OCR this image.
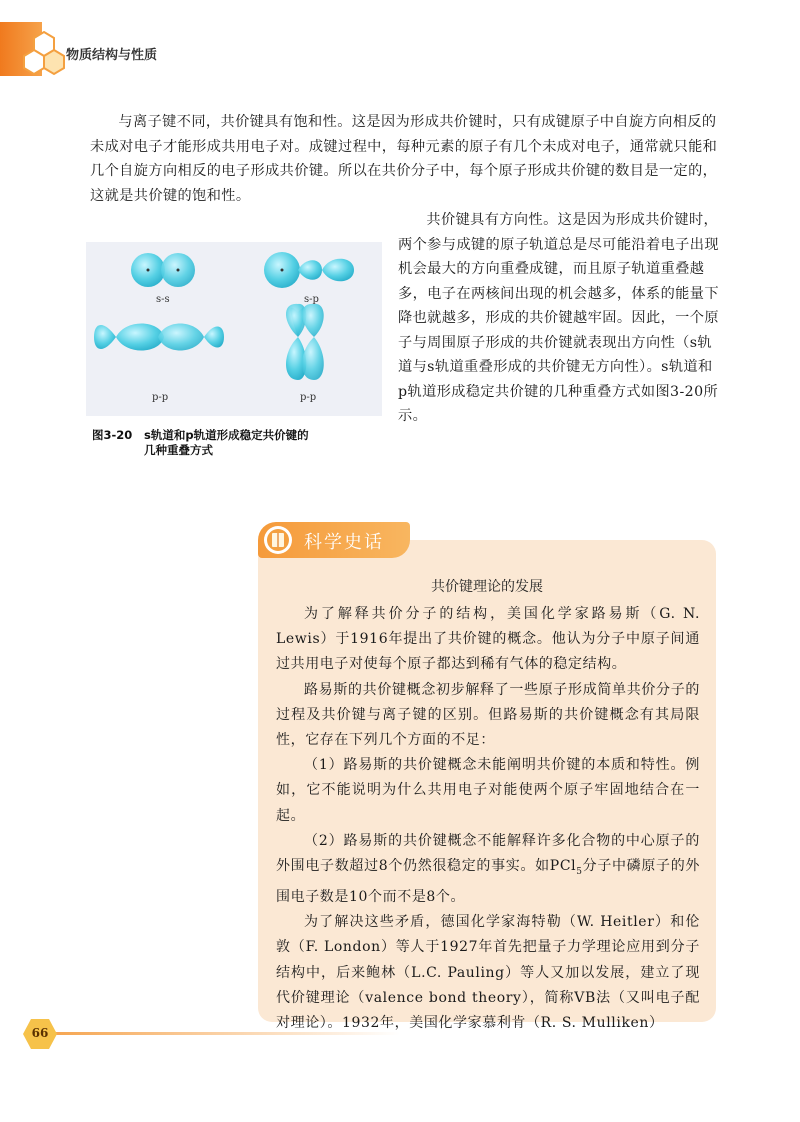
物质结构与性质
与离子键不同，共价键具有饱和性。这是因为形成共价键时，只有成键原子中自旋方向相反的未成对电子才能形成共用电子对。成键过程中，每种元素的原子有几个未成对电子，通常就只能和几个自旋方向相反的电子形成共价键。所以在共价分子中，每个原子形成共价键的数目是一定的，这就是共价键的饱和性。
s-s	s-p
p-p	p-p
图3-20 s轨道和p轨道形成稳定共价键的
几种重叠方式
共价键具有方向性。这是因为形成共价键时，两个参与成键的原子轨道总是尽可能沿着电子出现机会最大的方向重叠成键，而且原子轨道重叠越多，电子在两核间出现的机会越多，体系的能量下降也就越多，形成的共价键越牢固。因此，一个原子与周围原子形成的共价键就表现出方向性（s轨道与s轨道重叠形成的共价键无方向性）。s轨道和p轨道形成稳定共价键的几种重叠方式如图3-20所示。
科学史话
共价键理论的发展
为了解释共价分子的结构，美国化学家路易斯（G. N. Lewis）于1916年提出了共价键的概念。他认为分子中原子间通过共用电子对使每个原子都达到稀有气体的稳定结构。
路易斯的共价键概念初步解释了一些原子形成简单共价分子的过程及共价键与离子键的区别。但路易斯的共价键概念有其局限性，它存在下列几个方面的不足：
（1）路易斯的共价键概念未能阐明共价键的本质和特性。例如，它不能说明为什么共用电子对能使两个原子牢固地结合在一起。
（2）路易斯的共价键概念不能解释许多化合物的中心原子的外围电子数超过8个仍然很稳定的事实。如PCl$_5$分子中磷原子的外围电子数是10个而不是8个。
为了解决这些矛盾，德国化学家海特勒（W. Heitler）和伦敦（F. London）等人于1927年首先把量子力学理论应用到分子结构中，后来鲍林（L.C. Pauling）等人又加以发展，建立了现代价键理论（valence bond theory），简称VB法（又叫电子配对理论）。1932年，美国化学家慕利肯（R. S. Mulliken）
66
